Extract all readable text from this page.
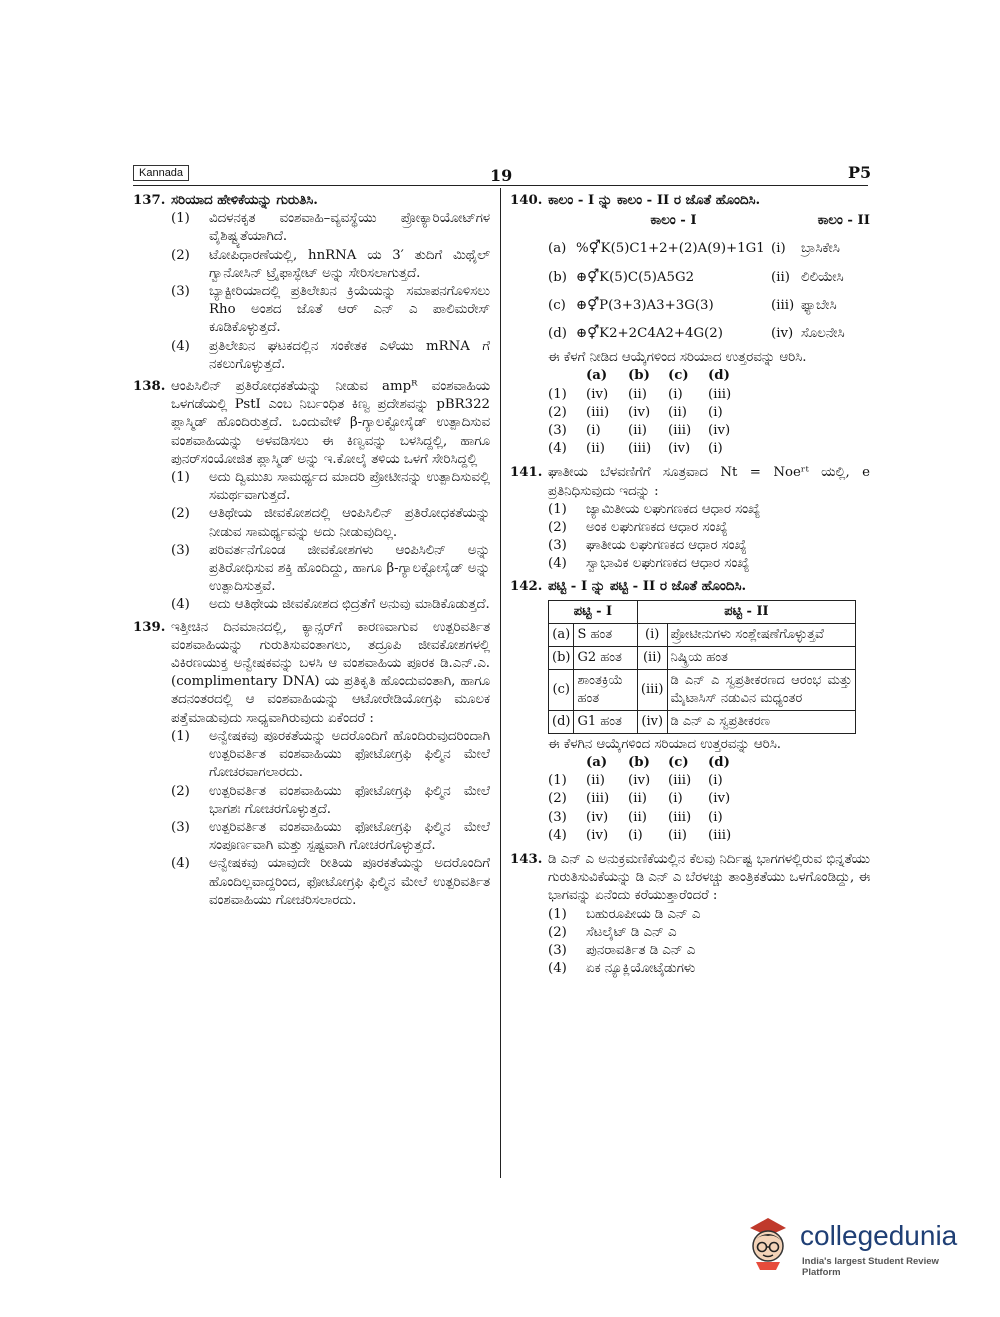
Kannada	19	P5
137. ಸರಿಯಾದ ಹೇಳಿಕೆಯನ್ನು ಗುರುತಿಸಿ.
(1)	ವಿದಳನಕೃತ ವಂಶವಾಹಿ–ವ್ಯವಸ್ಥೆಯು ಪ್ರೋಕ್ಯಾರಿಯೋಟ್‌ಗಳ ವೈಶಿಷ್ಟ್ಯತೆಯಾಗಿದೆ.
(2)	ಟೋಪಿಧಾರಣೆಯಲ್ಲಿ, hnRNA ಯ 3′ ತುದಿಗೆ ಮಿಥೈಲ್ ಗ್ವಾನೋಸಿನ್ ಟ್ರೈಫಾಸ್ಫೇಟ್ ಅನ್ನು ಸೇರಿಸಲಾಗುತ್ತದೆ.
(3)	ಬ್ಯಾಕ್ಟೀರಿಯಾದಲ್ಲಿ ಪ್ರತಿಲೇಖನ ಕ್ರಿಯೆಯನ್ನು ಸಮಾಪನಗೊಳಿಸಲು Rho ಅಂಶದ ಜೊತೆ ಆರ್ ಎನ್ ಎ ಪಾಲಿಮರೇಸ್ ಕೂಡಿಕೊಳ್ಳುತ್ತದೆ.
(4)	ಪ್ರತಿಲೇಖನ ಘಟಕದಲ್ಲಿನ ಸಂಕೇತಕ ಎಳೆಯು mRNA ಗೆ ನಕಲುಗೊಳ್ಳುತ್ತದೆ.
138. ಆಂಪಿಸಿಲಿನ್ ಪ್ರತಿರೋಧಕತೆಯನ್ನು ನೀಡುವ ampᴿ ವಂಶವಾಹಿಯ ಒಳಗಡೆಯಲ್ಲಿ PstI ಎಂಬ ನಿರ್ಬಂಧಿತ ಕಿಣ್ವ ಪ್ರದೇಶವನ್ನು pBR322 ಪ್ಲಾಸ್ಮಿಡ್ ಹೊಂದಿರುತ್ತದೆ. ಒಂದುವೇಳೆ β-ಗ್ಯಾಲಕ್ಟೋಸೈಡ್ ಉತ್ಪಾದಿಸುವ ವಂಶವಾಹಿಯನ್ನು ಅಳವಡಿಸಲು ಈ ಕಿಣ್ವವನ್ನು ಬಳಸಿದ್ದಲ್ಲಿ, ಹಾಗೂ ಪುನರ್‌ಸಂಯೋಜಿತ ಪ್ಲಾಸ್ಮಿಡ್ ಅನ್ನು ಇ.ಕೋಲೈ ತಳಿಯ ಒಳಗೆ ಸೇರಿಸಿದ್ದಲ್ಲಿ
(1)	ಅದು ದ್ವಿಮುಖ ಸಾಮರ್ಥ್ಯದ ಮಾದರಿ ಪ್ರೋಟೀನನ್ನು ಉತ್ಪಾದಿಸುವಲ್ಲಿ ಸಮರ್ಥವಾಗುತ್ತದೆ.
(2)	ಆತಿಥೇಯ ಜೀವಕೋಶದಲ್ಲಿ ಆಂಪಿಸಿಲಿನ್ ಪ್ರತಿರೋಧಕತೆಯನ್ನು ನೀಡುವ ಸಾಮರ್ಥ್ಯವನ್ನು ಅದು ನೀಡುವುದಿಲ್ಲ.
(3)	ಪರಿವರ್ತನೆಗೊಂಡ ಜೀವಕೋಶಗಳು ಆಂಪಿಸಿಲಿನ್ ಅನ್ನು ಪ್ರತಿರೋಧಿಸುವ ಶಕ್ತಿ ಹೊಂದಿದ್ದು, ಹಾಗೂ β-ಗ್ಯಾಲಕ್ಟೋಸೈಡ್ ಅನ್ನು ಉತ್ಪಾದಿಸುತ್ತವೆ.
(4)	ಅದು ಆತಿಥೇಯ ಜೀವಕೋಶದ ಛಿದ್ರತೆಗೆ ಅನುವು ಮಾಡಿಕೊಡುತ್ತದೆ.
139. ಇತ್ತೀಚಿನ ದಿನಮಾನದಲ್ಲಿ, ಕ್ಯಾನ್ಸರ್‌ಗೆ ಕಾರಣವಾಗುವ ಉತ್ಪರಿವರ್ತಿತ ವಂಶವಾಹಿಯನ್ನು ಗುರುತಿಸುವಂತಾಗಲು, ತದ್ರೂಪಿ ಜೀವಕೋಶಗಳಲ್ಲಿ ವಿಕಿರಣಯುಕ್ತ ಅನ್ವೇಷಕವನ್ನು ಬಳಸಿ ಆ ವಂಶವಾಹಿಯ ಪೂರಕ ಡಿ.ಎನ್.ಎ. (complimentary DNA) ಯ ಪ್ರತಿಕೃತಿ ಹೊಂದುವಂತಾಗಿ, ಹಾಗೂ ತದನಂತರದಲ್ಲಿ ಆ ವಂಶವಾಹಿಯನ್ನು ಆಟೋರೇಡಿಯೋಗ್ರಫಿ ಮೂಲಕ ಪತ್ತೆಮಾಡುವುದು ಸಾಧ್ಯವಾಗಿರುವುದು ಏಕೆಂದರೆ :
(1)	ಅನ್ವೇಷಕವು ಪೂರಕತೆಯನ್ನು ಅದರೊಂದಿಗೆ ಹೊಂದಿರುವುದರಿಂದಾಗಿ ಉತ್ಪರಿವರ್ತಿತ ವಂಶವಾಹಿಯು ಫೋಟೋಗ್ರಫಿ ಫಿಲ್ಮಿನ ಮೇಲೆ ಗೋಚರವಾಗಲಾರದು.
(2)	ಉತ್ಪರಿವರ್ತಿತ ವಂಶವಾಹಿಯು ಫೋಟೋಗ್ರಫಿ ಫಿಲ್ಮಿನ ಮೇಲೆ ಭಾಗಶಃ ಗೋಚರಗೊಳ್ಳುತ್ತದೆ.
(3)	ಉತ್ಪರಿವರ್ತಿತ ವಂಶವಾಹಿಯು ಫೋಟೋಗ್ರಫಿ ಫಿಲ್ಮಿನ ಮೇಲೆ ಸಂಪೂರ್ಣವಾಗಿ ಮತ್ತು ಸ್ಪಷ್ಟವಾಗಿ ಗೋಚರಗೊಳ್ಳುತ್ತದೆ.
(4)	ಅನ್ವೇಷಕವು ಯಾವುದೇ ರೀತಿಯ ಪೂರಕತೆಯನ್ನು ಅದರೊಂದಿಗೆ ಹೊಂದಿಲ್ಲವಾದ್ದರಿಂದ, ಫೋಟೋಗ್ರಫಿ ಫಿಲ್ಮಿನ ಮೇಲೆ ಉತ್ಪರಿವರ್ತಿತ ವಂಶವಾಹಿಯು ಗೋಚರಿಸಲಾರದು.
140. ಕಾಲಂ - I ನ್ನು ಕಾಲಂ - II ರ ಜೊತೆ ಹೊಂದಿಸಿ.
ಕಾಲಂ - I	ಕಾಲಂ - II
(a) %⚥K(5)C1+2+(2)A(9)+1G1 (i)	ಬ್ರಾಸಿಕೇಸಿ
(b) ⊕⚥K(5)C(5)A5G2	(ii) ಲಿಲಿಯೇಸಿ
(c) ⊕⚥P(3+3)A3+3G(3)	(iii) ಫ್ಯಾಬೇಸಿ
(d) ⊕⚥K2+2C4A2+4G(2)	(iv) ಸೊಲನೇಸಿ
ಈ ಕೆಳಗೆ ನೀಡಿದ ಆಯ್ಕೆಗಳಿಂದ ಸರಿಯಾದ ಉತ್ತರವನ್ನು ಆರಿಸಿ.
(a)	(b)	(c)	(d)
(1)	(iv)	(ii)	(i)	(iii)
(2)	(iii)	(iv)	(ii)	(i)
(3)	(i)	(ii)	(iii)	(iv)
(4)	(ii)	(iii)	(iv)	(i)
141. ಘಾತೀಯ ಬೆಳವಣಿಗೆಗೆ ಸೂತ್ರವಾದ Nt = Noeʳᵗ ಯಲ್ಲಿ, e ಪ್ರತಿನಿಧಿಸುವುದು ಇದನ್ನು :
(1)	ಜ್ಯಾಮಿತೀಯ ಲಘುಗಣಕದ ಆಧಾರ ಸಂಖ್ಯೆ
(2)	ಅಂಕ ಲಘುಗಣಕದ ಆಧಾರ ಸಂಖ್ಯೆ
(3)	ಘಾತೀಯ ಲಘುಗಣಕದ ಆಧಾರ ಸಂಖ್ಯೆ
(4)	ಸ್ವಾಭಾವಿಕ ಲಘುಗಣಕದ ಆಧಾರ ಸಂಖ್ಯೆ
142. ಪಟ್ಟಿ - I ನ್ನು ಪಟ್ಟಿ - II ರ ಜೊತೆ ಹೊಂದಿಸಿ.
ಪಟ್ಟಿ - I		ಪಟ್ಟಿ - II	
(a)	S ಹಂತ	(i)	ಪ್ರೋಟೀನುಗಳು ಸಂಶ್ಲೇಷಣೆಗೊಳ್ಳುತ್ತವೆ
(b)	G2 ಹಂತ	(ii)	ನಿಷ್ಕ್ರಿಯ ಹಂತ
(c)	ಶಾಂತಕ್ರಿಯೆ ಹಂತ	(iii)	ಡಿ ಎನ್ ಎ ಸ್ವಪ್ರತೀಕರಣದ ಆರಂಭ ಮತ್ತು ಮೈಟಾಸಿಸ್ ನಡುವಿನ ಮಧ್ಯಂತರ
(d)	G1 ಹಂತ	(iv)	ಡಿ ಎನ್ ಎ ಸ್ವಪ್ರತೀಕರಣ
ಈ ಕೆಳಗಿನ ಆಯ್ಕೆಗಳಿಂದ ಸರಿಯಾದ ಉತ್ತರವನ್ನು ಆರಿಸಿ.
(a)	(b)	(c)	(d)
(1)	(ii)	(iv)	(iii)	(i)
(2)	(iii)	(ii)	(i)	(iv)
(3)	(iv)	(ii)	(iii)	(i)
(4)	(iv)	(i)	(ii)	(iii)
143. ಡಿ ಎನ್ ಎ ಅನುಕ್ರಮಣಿಕೆಯಲ್ಲಿನ ಕೆಲವು ನಿರ್ದಿಷ್ಟ ಭಾಗಗಳಲ್ಲಿರುವ ಭಿನ್ನತೆಯು ಗುರುತಿಸುವಿಕೆಯನ್ನು ಡಿ ಎನ್ ಎ ಬೆರಳಚ್ಚು ತಾಂತ್ರಿಕತೆಯು ಒಳಗೊಂಡಿದ್ದು, ಈ ಭಾಗವನ್ನು ಏನೆಂದು ಕರೆಯುತ್ತಾರೆಂದರೆ :
(1)	ಬಹುರೂಪೀಯ ಡಿ ಎನ್ ಎ
(2)	ಸೆಟಲೈಟ್ ಡಿ ಎನ್ ಎ
(3)	ಪುನರಾವರ್ತಿತ ಡಿ ಎನ್ ಎ
(4)	ಏಕ ನ್ಯೂಕ್ಲಿಯೋಟೈಡುಗಳು
collegedunia
India's largest Student Review Platform
